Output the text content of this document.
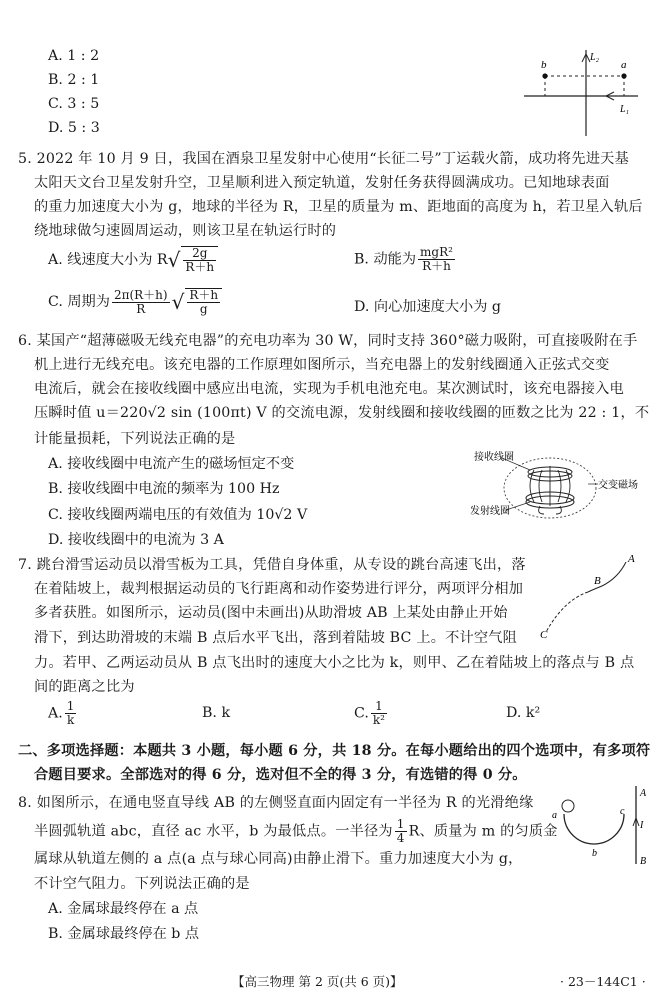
A. 1 : 2
B. 2 : 1
C. 3 : 5
D. 5 : 3
b	a
L₂
L₁
5. 2022 年 10 月 9 日，我国在酒泉卫星发射中心使用“长征二号”丁运载火箭，成功将先进天基
太阳天文台卫星发射升空，卫星顺利进入预定轨道，发射任务获得圆满成功。已知地球表面
的重力加速度大小为 g，地球的半径为 R，卫星的质量为 m、距地面的高度为 h，若卫星入轨后
绕地球做匀速圆周运动，则该卫星在轨运行时的
A. 线速度大小为 $R√ \frac{2g}{R+h}$	B. 动能为 $\frac{\text{mgR²}}{R+h}$
C. 周期为 $\frac{2\pi(R+h)}{R}$ √ $\frac{R+h}{g}$	D. 向心加速度大小为 g
6. 某国产“超薄磁吸无线充电器”的充电功率为 30 W，同时支持 360°磁力吸附，可直接吸附在手
机上进行无线充电。该充电器的工作原理如图所示，当充电器上的发射线圈通入正弦式交变
电流后，就会在接收线圈中感应出电流，实现为手机电池充电。某次测试时，该充电器接入电
压瞬时值 u＝220√2 sin (100πt) V 的交流电源，发射线圈和接收线圈的匝数之比为 22 : 1，不
计能量损耗，下列说法正确的是
A. 接收线圈中电流产生的磁场恒定不变
B. 接收线圈中电流的频率为 100 Hz
C. 接收线圈两端电压的有效值为 10√2 V
D. 接收线圈中的电流为 3 A
接收线圈
发射线圈
交变磁场
7. 跳台滑雪运动员以滑雪板为工具，凭借自身体重，从专设的跳台高速飞出，落
在着陆坡上，裁判根据运动员的飞行距离和动作姿势进行评分，两项评分相加
多者获胜。如图所示，运动员(图中未画出)从助滑坡 AB 上某处由静止开始
滑下，到达助滑坡的末端 B 点后水平飞出，落到着陆坡 BC 上。不计空气阻
力。若甲、乙两运动员从 B 点飞出时的速度大小之比为 k，则甲、乙在着陆坡上的落点与 B 点
间的距离之比为
A
B
C
A. $\frac{1}{k}$	B. k	C. $\frac{1}{\text{k²}}$	D. k²
二、多项选择题：本题共 3 小题，每小题 6 分，共 18 分。在每小题给出的四个选项中，有多项符
合题目要求。全部选对的得 6 分，选对但不全的得 3 分，有选错的得 0 分。
8. 如图所示，在通电竖直导线 AB 的左侧竖直面内固定有一半径为 R 的光滑绝缘
半圆弧轨道 abc，直径 ac 水平，b 为最低点。一半径为 $\frac{1}{4}$ R、质量为 m 的匀质金
属球从轨道左侧的 a 点(a 点与球心同高)由静止滑下。重力加速度大小为 g，
不计空气阻力。下列说法正确的是
A. 金属球最终停在 a 点
B. 金属球最终停在 b 点
a
b
c
A
I
B
【高三物理 第 2 页(共 6 页)】	· 23－144C1 ·
